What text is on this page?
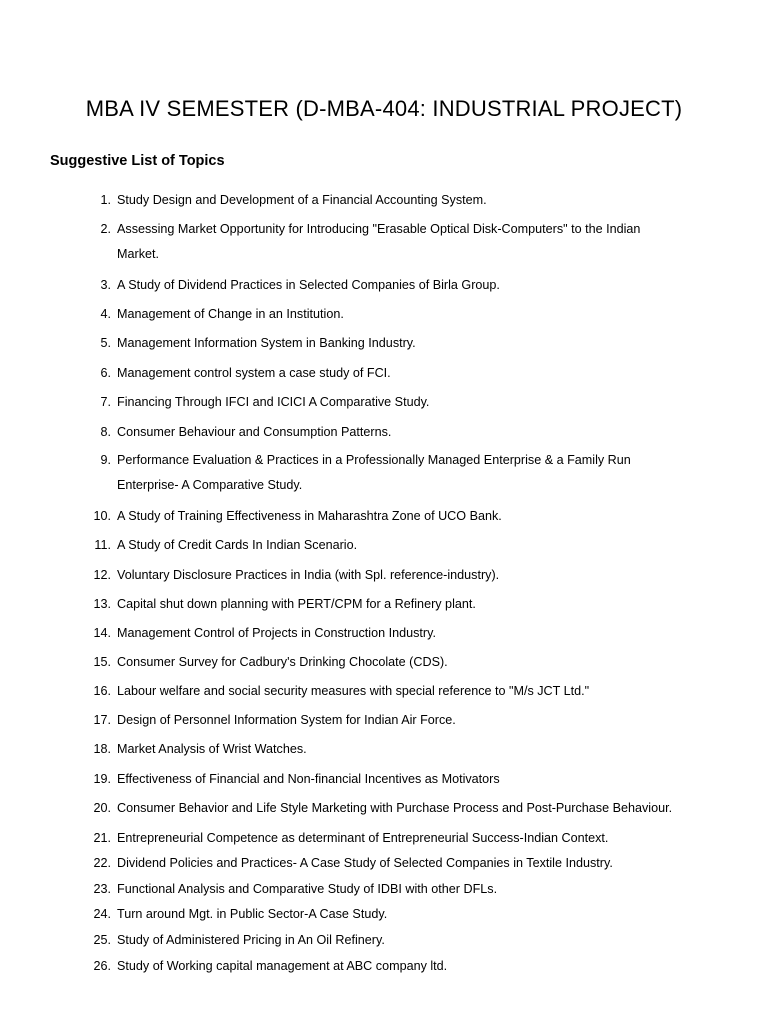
MBA IV SEMESTER (D-MBA-404: INDUSTRIAL PROJECT)
Suggestive List of Topics
1. Study Design and Development of a Financial Accounting System.
2. Assessing Market Opportunity for Introducing "Erasable Optical Disk-Computers" to the Indian
Market.
3. A Study of Dividend Practices in Selected Companies of Birla Group.
4. Management of Change in an Institution.
5. Management Information System in Banking Industry.
6. Management control system a case study of FCI.
7. Financing Through IFCI and ICICI A Comparative Study.
8. Consumer Behaviour and Consumption Patterns.
9. Performance Evaluation & Practices in a Professionally Managed Enterprise & a Family Run
Enterprise- A Comparative Study.
10. A Study of Training Effectiveness in Maharashtra Zone of UCO Bank.
11. A Study of Credit Cards In Indian Scenario.
12. Voluntary Disclosure Practices in India (with Spl. reference-industry).
13. Capital shut down planning with PERT/CPM for a Refinery plant.
14. Management Control of Projects in Construction Industry.
15. Consumer Survey for Cadbury's Drinking Chocolate (CDS).
16. Labour welfare and social security measures with special reference to "M/s JCT Ltd."
17. Design of Personnel Information System for Indian Air Force.
18. Market Analysis of Wrist Watches.
19. Effectiveness of Financial and Non-financial Incentives as Motivators
20. Consumer Behavior and Life Style Marketing with Purchase Process and Post-Purchase Behaviour.
21. Entrepreneurial Competence as determinant of Entrepreneurial Success-Indian Context.
22. Dividend Policies and Practices- A Case Study of Selected Companies in Textile Industry.
23. Functional Analysis and Comparative Study of IDBI with other DFLs.
24. Turn around Mgt. in Public Sector-A Case Study.
25. Study of Administered Pricing in An Oil Refinery.
26. Study of Working capital management at ABC company ltd.
